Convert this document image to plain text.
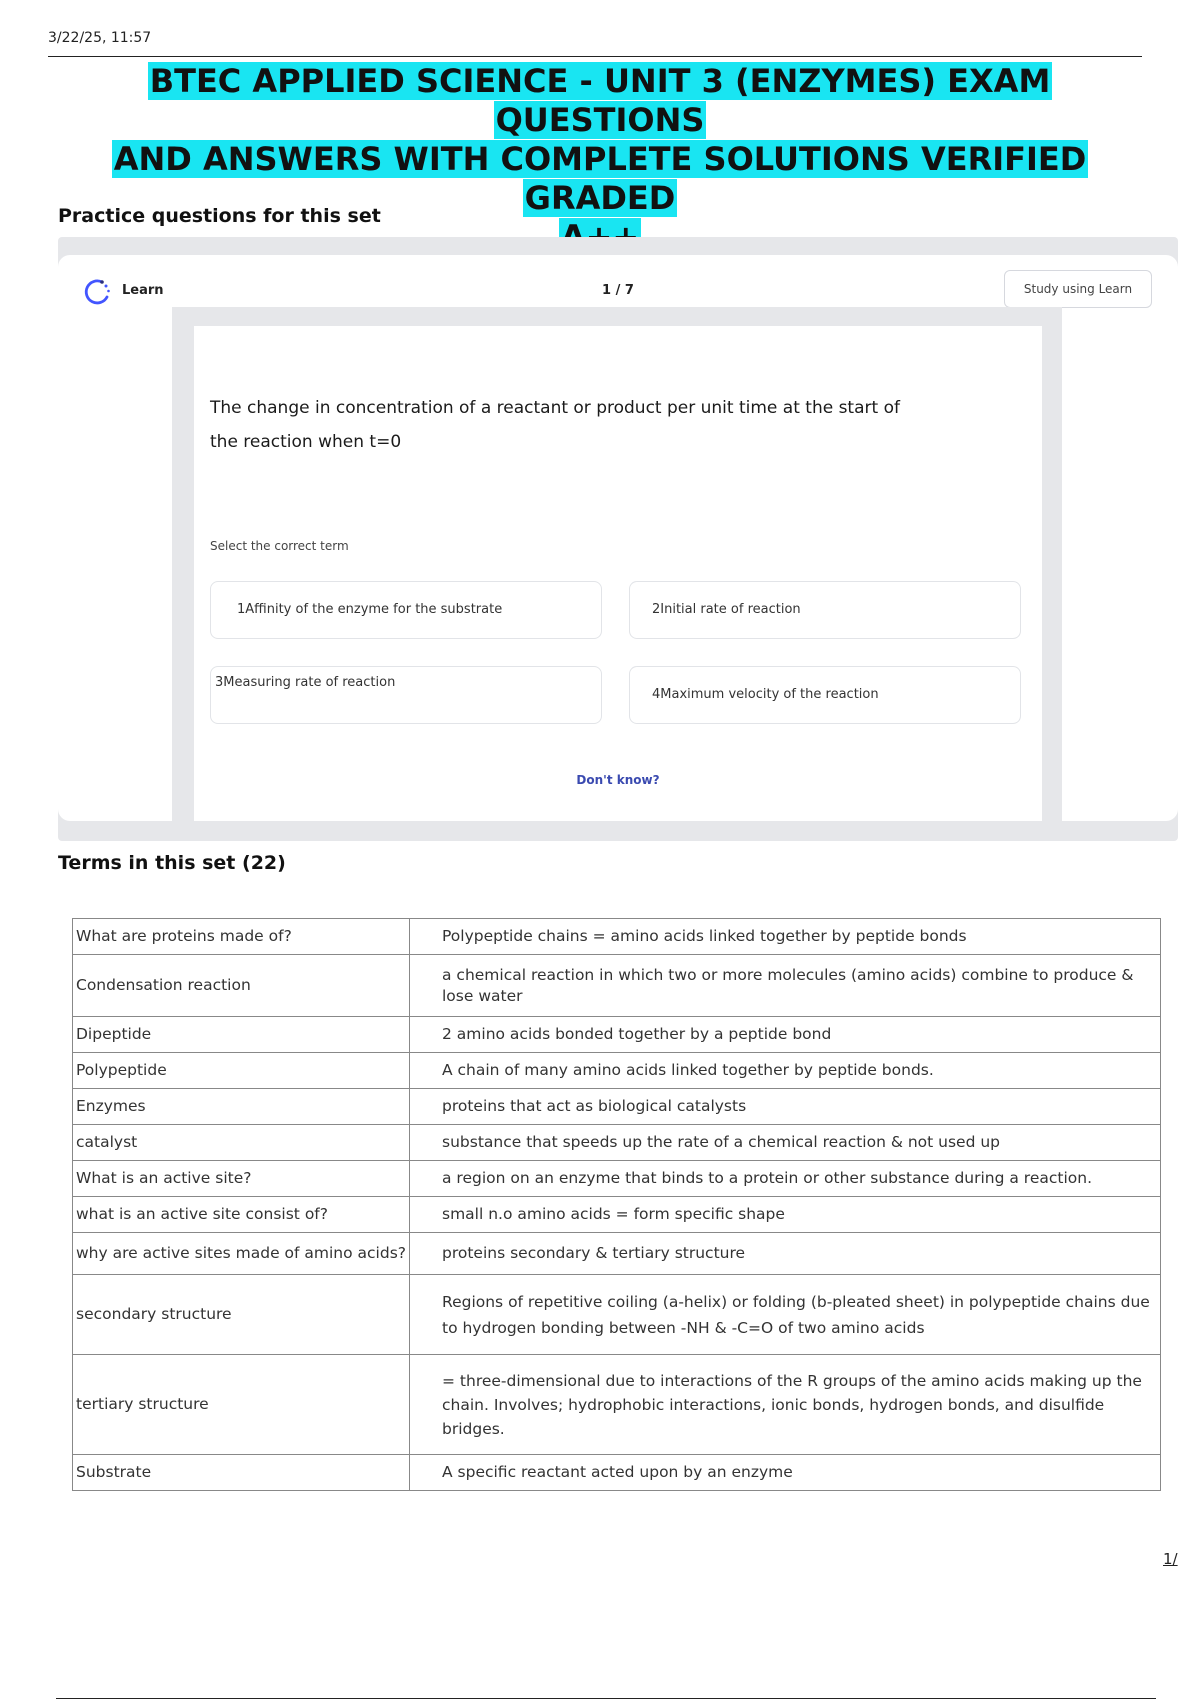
3/22/25, 11:57
BTEC APPLIED SCIENCE - UNIT 3 (ENZYMES) EXAM QUESTIONS
AND ANSWERS WITH COMPLETE SOLUTIONS VERIFIED GRADED

Practice questions for this set
Learn	1 / 7	Study using Learn
The change in concentration of a reactant or product per unit time at the start of the reaction when t=0
Select the correct term
1Affinity of the enzyme for the substrate	2Initial rate of reaction
3Measuring rate of reaction
4Maximum velocity of the reaction
Don't know?
Terms in this set (22)
What are proteins made of?	Polypeptide chains = amino acids linked together by peptide bonds
Condensation reaction	a chemical reaction in which two or more molecules (amino acids) combine to produce & lose water
Dipeptide	2 amino acids bonded together by a peptide bond
Polypeptide	A chain of many amino acids linked together by peptide bonds.
Enzymes	proteins that act as biological catalysts
catalyst	substance that speeds up the rate of a chemical reaction & not used up
What is an active site?	a region on an enzyme that binds to a protein or other substance during a reaction.
what is an active site consist of?	small n.o amino acids = form specific shape
why are active sites made of amino acids?	proteins secondary & tertiary structure
secondary structure	Regions of repetitive coiling (a-helix) or folding (b-pleated sheet) in polypeptide chains due to hydrogen bonding between -NH & -C=O of two amino acids
tertiary structure	= three-dimensional due to interactions of the R groups of the amino acids making up the chain. Involves; hydrophobic interactions, ionic bonds, hydrogen bonds, and disulfide bridges.
Substrate	A specific reactant acted upon by an enzyme
1/
